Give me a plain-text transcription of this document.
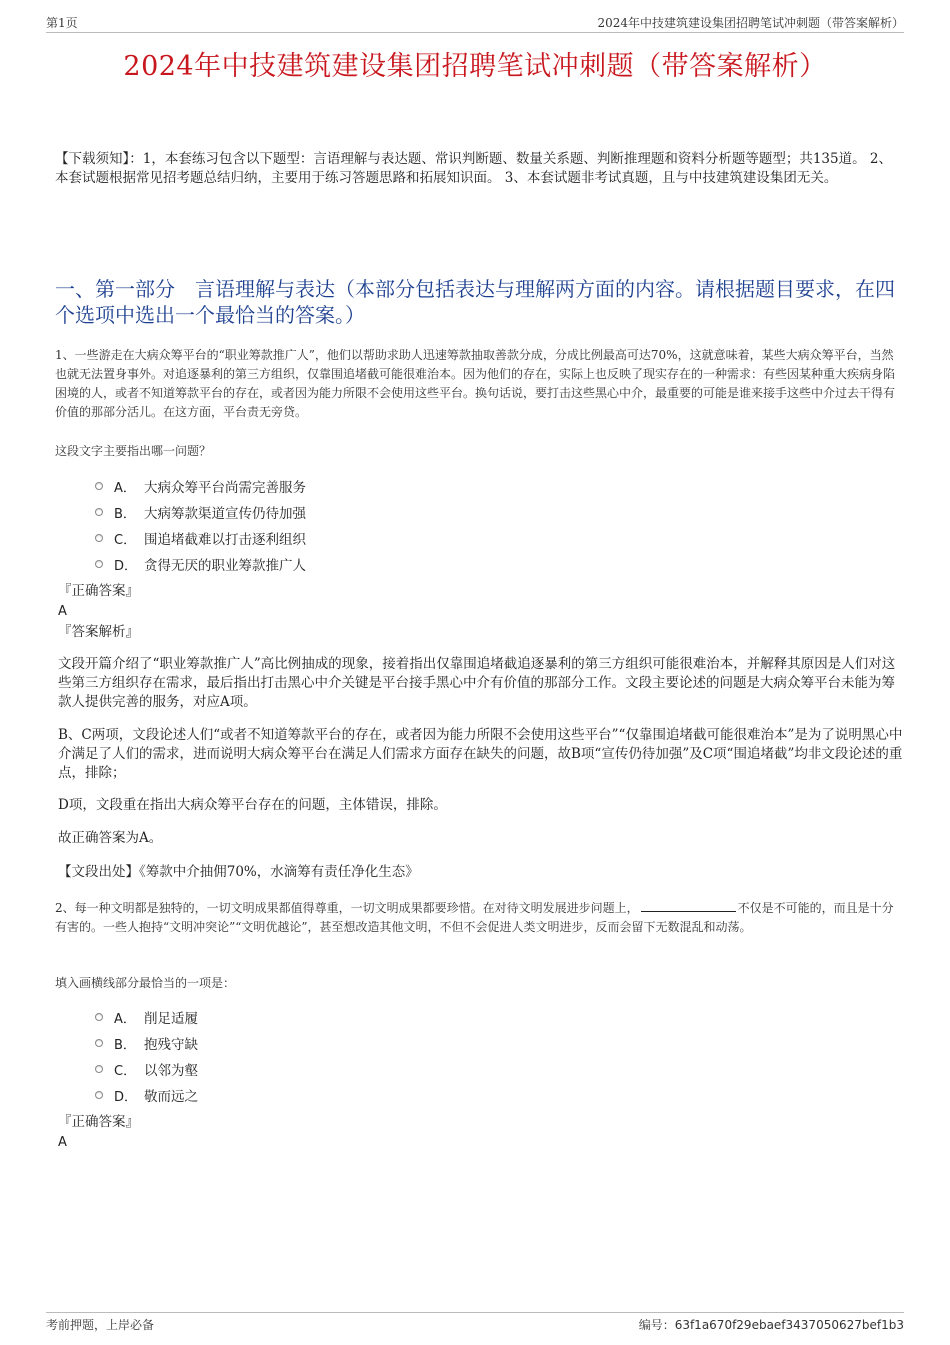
第1页	2024年中技建筑建设集团招聘笔试冲刺题（带答案解析）
2024年中技建筑建设集团招聘笔试冲刺题（带答案解析）
【下载须知】：1，本套练习包含以下题型：言语理解与表达题、常识判断题、数量关系题、判断推理题和资料分析题等题型；共135道。 2、本套试题根据常见招考题总结归纳，主要用于练习答题思路和拓展知识面。 3、本套试题非考试真题，且与中技建筑建设集团无关。
一、第一部分　言语理解与表达（本部分包括表达与理解两方面的内容。请根据题目要求，在四个选项中选出一个最恰当的答案。）
1、一些游走在大病众筹平台的“职业筹款推广人”，他们以帮助求助人迅速筹款抽取善款分成，分成比例最高可达70%，这就意味着，某些大病众筹平台，当然也就无法置身事外。对追逐暴利的第三方组织，仅靠围追堵截可能很难治本。因为他们的存在，实际上也反映了现实存在的一种需求：有些因某种重大疾病身陷困境的人，或者不知道筹款平台的存在，或者因为能力所限不会使用这些平台。换句话说，要打击这些黑心中介，最重要的可能是谁来接手这些中介过去干得有价值的那部分活儿。在这方面，平台责无旁贷。
这段文字主要指出哪一问题？
A． 大病众筹平台尚需完善服务
B． 大病筹款渠道宣传仍待加强
C． 围追堵截难以打击逐利组织
D． 贪得无厌的职业筹款推广人
『正确答案』
A
『答案解析』
文段开篇介绍了“职业筹款推广人”高比例抽成的现象，接着指出仅靠围追堵截追逐暴利的第三方组织可能很难治本，并解释其原因是人们对这些第三方组织存在需求，最后指出打击黑心中介关键是平台接手黑心中介有价值的那部分工作。文段主要论述的问题是大病众筹平台未能为筹款人提供完善的服务，对应A项。
B、C两项，文段论述人们“或者不知道筹款平台的存在，或者因为能力所限不会使用这些平台”“仅靠围追堵截可能很难治本”是为了说明黑心中介满足了人们的需求，进而说明大病众筹平台在满足人们需求方面存在缺失的问题，故B项“宣传仍待加强”及C项“围追堵截”均非文段论述的重点，排除；
D项，文段重在指出大病众筹平台存在的问题，主体错误，排除。
故正确答案为A。
【文段出处】《筹款中介抽佣70%，水滴筹有责任净化生态》
2、每一种文明都是独特的，一切文明成果都值得尊重，一切文明成果都要珍惜。在对待文明发展进步问题上，	不仅是不可能的，而且是十分有害的。一些人抱持“文明冲突论”“文明优越论”，甚至想改造其他文明，不但不会促进人类文明进步，反而会留下无数混乱和动荡。
填入画横线部分最恰当的一项是：
A． 削足适履
B． 抱残守缺
C． 以邻为壑
D． 敬而远之
『正确答案』
A
考前押题，上岸必备	编号：63f1a670f29ebaef3437050627bef1b3
